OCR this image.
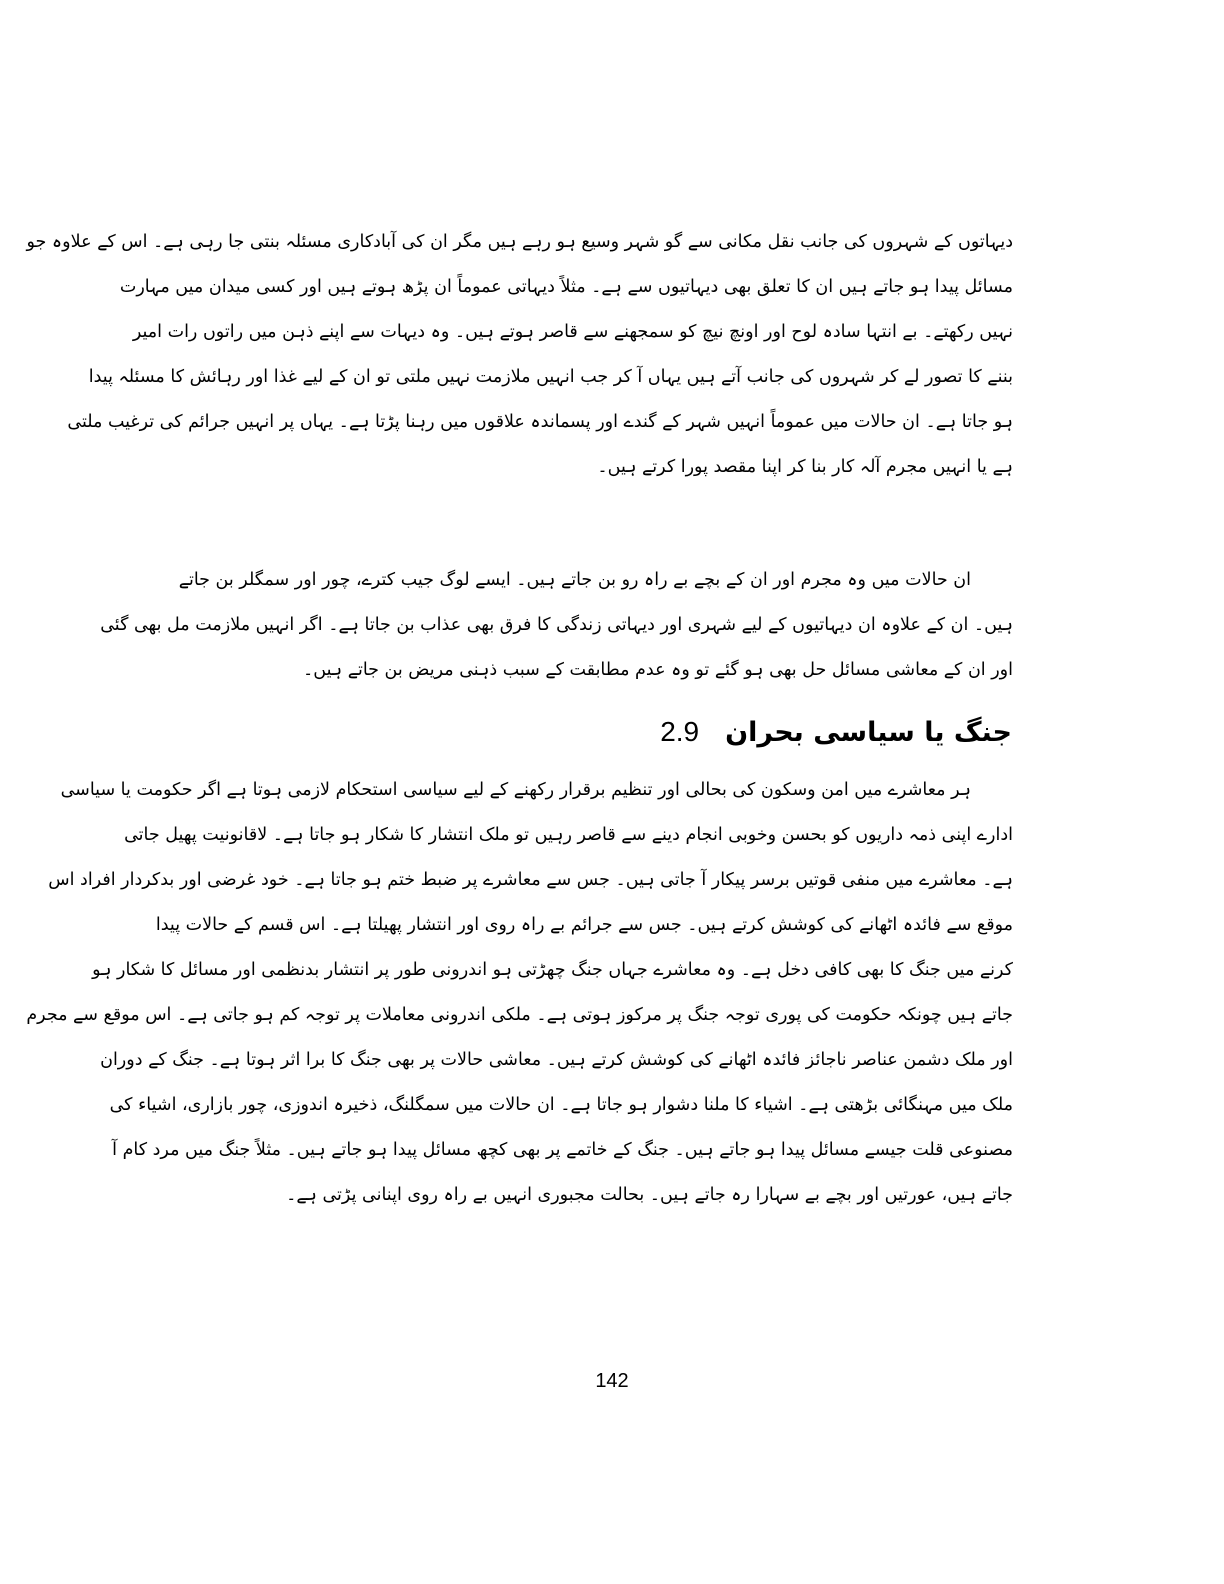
دیہاتوں کے شہروں کی جانب نقل مکانی سے گو شہر وسیع ہو رہے ہیں مگر ان کی آبادکاری مسئلہ بنتی جا رہی ہے۔ اس کے علاوہ جو
مسائل پیدا ہو جاتے ہیں ان کا تعلق بھی دیہاتیوں سے ہے۔ مثلاً دیہاتی عموماً ان پڑھ ہوتے ہیں اور کسی میدان میں مہارت
نہیں رکھتے۔ بے انتہا سادہ لوح اور اونچ نیچ کو سمجھنے سے قاصر ہوتے ہیں۔ وہ دیہات سے اپنے ذہن میں راتوں رات امیر
بننے کا تصور لے کر شہروں کی جانب آتے ہیں یہاں آ کر جب انہیں ملازمت نہیں ملتی تو ان کے لیے غذا اور رہائش کا مسئلہ پیدا
ہو جاتا ہے۔ ان حالات میں عموماً انہیں شہر کے گندے اور پسماندہ علاقوں میں رہنا پڑتا ہے۔ یہاں پر انہیں جرائم کی ترغیب ملتی
ہے یا انہیں مجرم آلہ کار بنا کر اپنا مقصد پورا کرتے ہیں۔
ان حالات میں وہ مجرم اور ان کے بچے بے راہ رو بن جاتے ہیں۔ ایسے لوگ جیب کترے، چور اور سمگلر بن جاتے
ہیں۔ ان کے علاوہ ان دیہاتیوں کے لیے شہری اور دیہاتی زندگی کا فرق بھی عذاب بن جاتا ہے۔ اگر انہیں ملازمت مل بھی گئی
اور ان کے معاشی مسائل حل بھی ہو گئے تو وہ عدم مطابقت کے سبب ذہنی مریض بن جاتے ہیں۔
2.9 جنگ یا سیاسی بحران
ہر معاشرے میں امن وسکون کی بحالی اور تنظیم برقرار رکھنے کے لیے سیاسی استحکام لازمی ہوتا ہے اگر حکومت یا سیاسی
ادارے اپنی ذمہ داریوں کو بحسن وخوبی انجام دینے سے قاصر رہیں تو ملک انتشار کا شکار ہو جاتا ہے۔ لاقانونیت پھیل جاتی
ہے۔ معاشرے میں منفی قوتیں برسر پیکار آ جاتی ہیں۔ جس سے معاشرے پر ضبط ختم ہو جاتا ہے۔ خود غرضی اور بدکردار افراد اس
موقع سے فائدہ اٹھانے کی کوشش کرتے ہیں۔ جس سے جرائم بے راہ روی اور انتشار پھیلتا ہے۔ اس قسم کے حالات پیدا
کرنے میں جنگ کا بھی کافی دخل ہے۔ وہ معاشرے جہاں جنگ چھڑتی ہو اندرونی طور پر انتشار بدنظمی اور مسائل کا شکار ہو
جاتے ہیں چونکہ حکومت کی پوری توجہ جنگ پر مرکوز ہوتی ہے۔ ملکی اندرونی معاملات پر توجہ کم ہو جاتی ہے۔ اس موقع سے مجرم
اور ملک دشمن عناصر ناجائز فائدہ اٹھانے کی کوشش کرتے ہیں۔ معاشی حالات پر بھی جنگ کا برا اثر ہوتا ہے۔ جنگ کے دوران
ملک میں مہنگائی بڑھتی ہے۔ اشیاء کا ملنا دشوار ہو جاتا ہے۔ ان حالات میں سمگلنگ، ذخیرہ اندوزی، چور بازاری، اشیاء کی
مصنوعی قلت جیسے مسائل پیدا ہو جاتے ہیں۔ جنگ کے خاتمے پر بھی کچھ مسائل پیدا ہو جاتے ہیں۔ مثلاً جنگ میں مرد کام آ
جاتے ہیں، عورتیں اور بچے بے سہارا رہ جاتے ہیں۔ بحالت مجبوری انہیں بے راہ روی اپنانی پڑتی ہے۔
142
